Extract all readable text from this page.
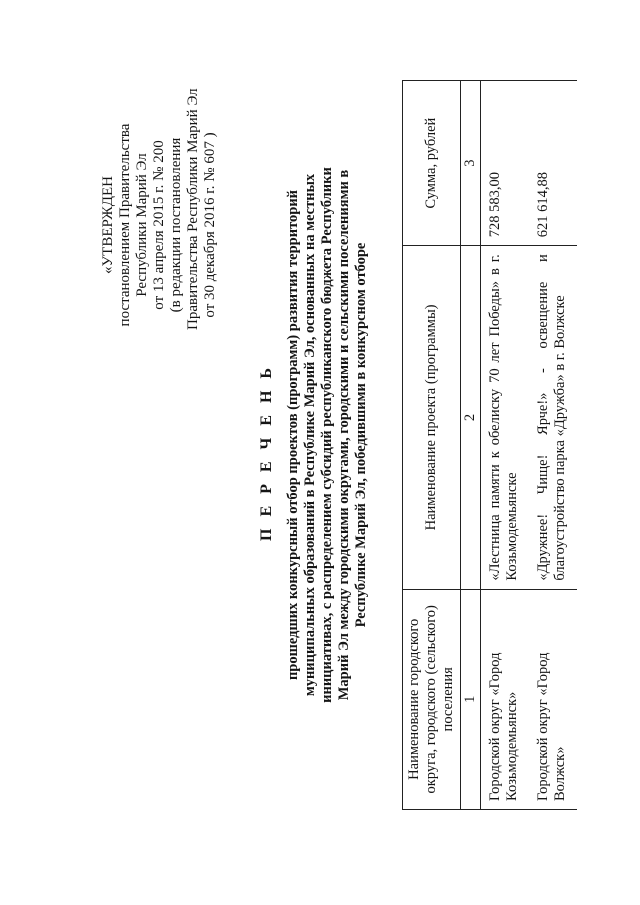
«УТВЕРЖДЕН постановлением Правительства Республики Марий Эл от 13 апреля 2015 г. № 200 (в редакции постановления Правительства Республики Марий Эл от 30 декабря 2016 г. № 607 )
П Е Р Е Ч Е Н Ь прошедших конкурсный отбор проектов (программ) развития территорий муниципальных образований в Республике Марий Эл, основанных на местных инициативах, с распределением субсидий республиканского бюджета Республики Марий Эл между городскими округами, городскими и сельскими поселениями в Республике Марий Эл, победившими в конкурсном отборе
Наименование городского округа, городского (сельского) поселения	Наименование проекта (программы)	Сумма, рублей
1	2	3
Городской округ «Город Козьмодемьянск»	«Лестница памяти к обелиску 70 лет Победы» в г. Козьмодемьянске	728 583,00
Городской округ «Город Волжск»	«Дружнее! Чище! Ярче!» - освещение и благоустройство парка «Дружба» в г. Волжске	621 614,88
